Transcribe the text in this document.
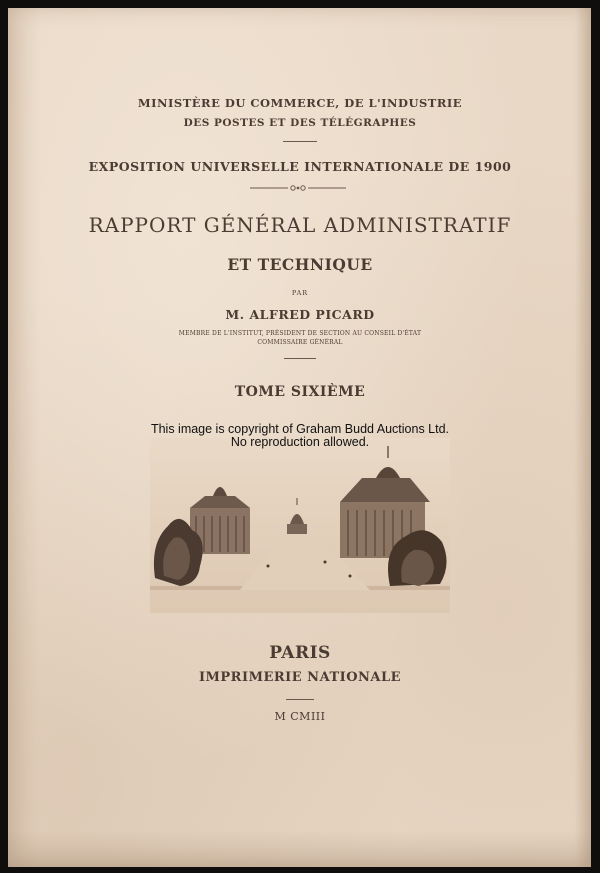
MINISTÈRE DU COMMERCE, DE L'INDUSTRIE
DES POSTES ET DES TÉLÉGRAPHES
EXPOSITION UNIVERSELLE INTERNATIONALE DE 1900
RAPPORT GÉNÉRAL ADMINISTRATIF
ET TECHNIQUE
PAR
M. ALFRED PICARD
MEMBRE DE L'INSTITUT, PRÉSIDENT DE SECTION AU CONSEIL D'ÉTAT
COMMISSAIRE GÉNÉRAL
TOME SIXIÈME
This image is copyright of Graham Budd Auctions Ltd.
No reproduction allowed.
PARIS
IMPRIMERIE NATIONALE
M CMIII
